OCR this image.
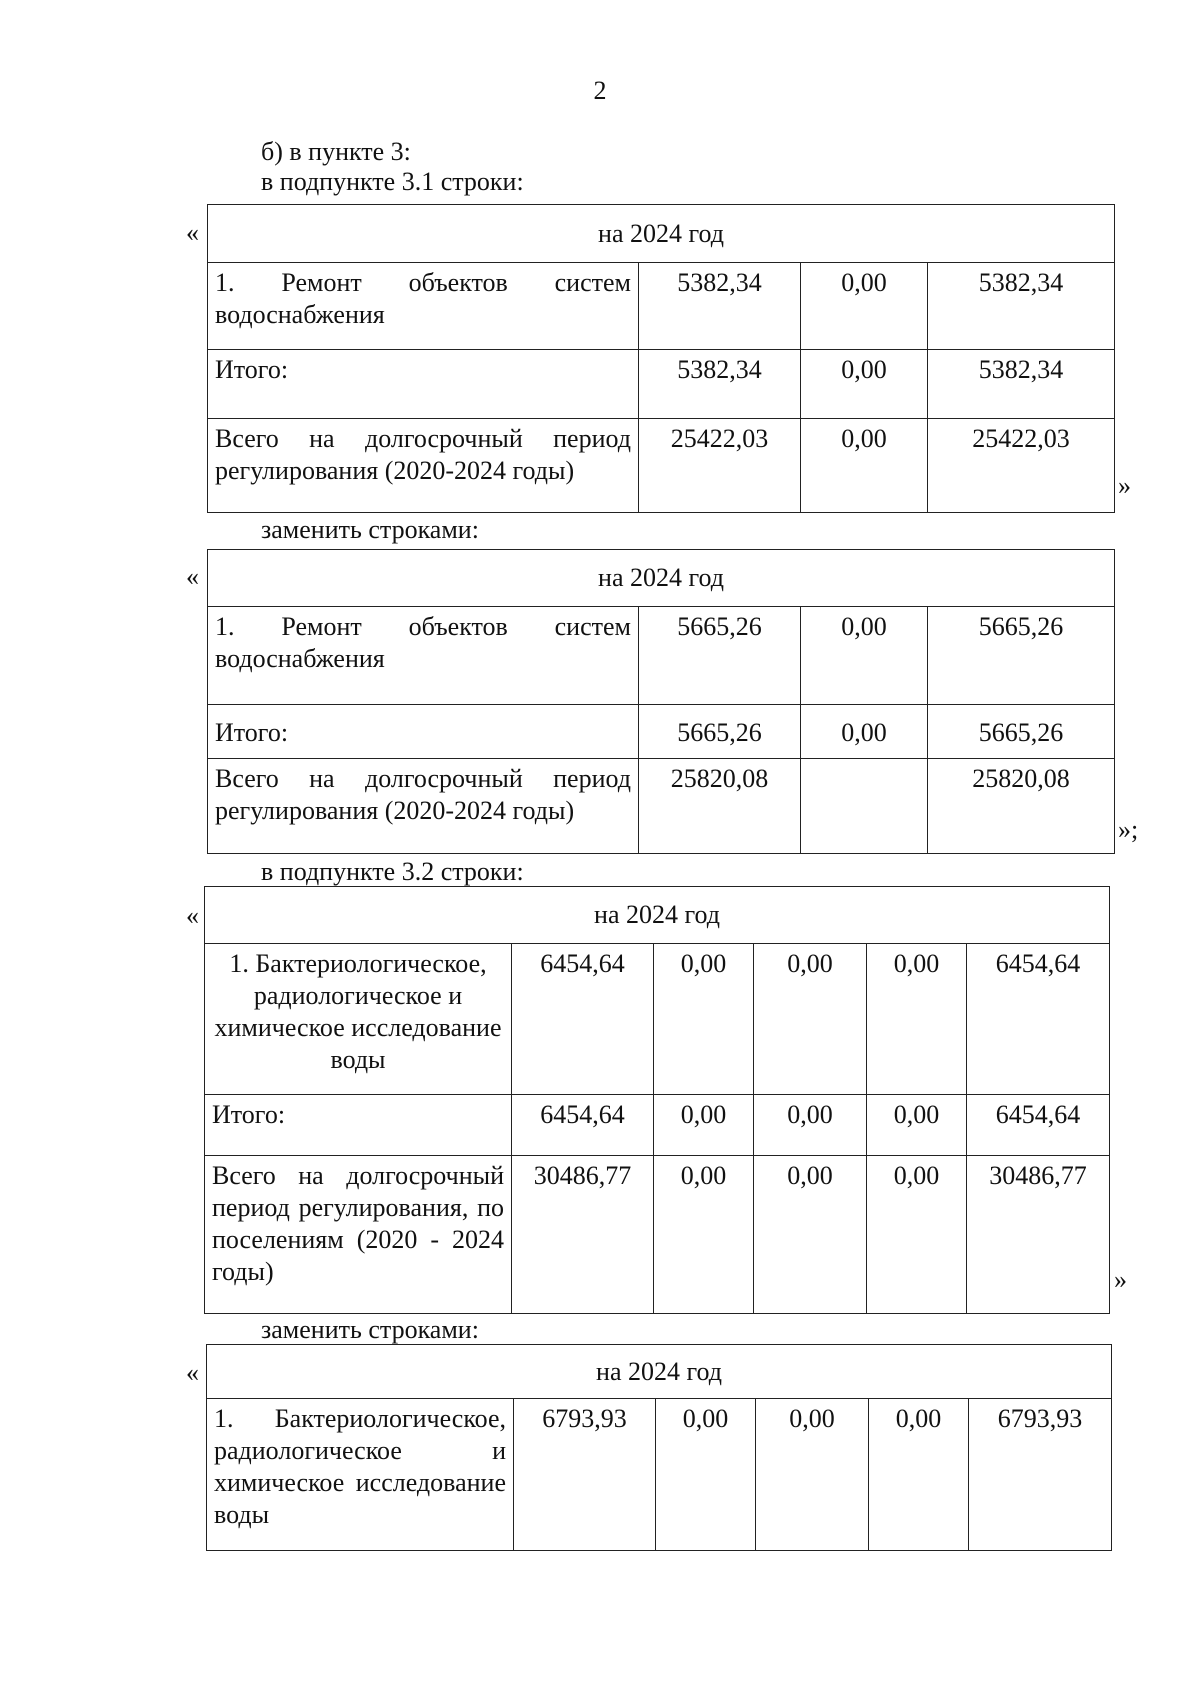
2
б) в пункте 3:
в подпункте 3.1 строки:
«	на 2024 год			
1. Ремонт объектов систем водоснабжения	5382,34	0,00	5382,34
Итого:	5382,34	0,00	5382,34
Всего на долгосрочный период регулирования (2020-2024 годы)	25422,03	0,00	25422,03
»
заменить строками:
«	на 2024 год			
1. Ремонт объектов систем водоснабжения	5665,26	0,00	5665,26
Итого:	5665,26	0,00	5665,26
Всего на долгосрочный период регулирования (2020-2024 годы)	25820,08		25820,08
»;
в подпункте 3.2 строки:
«	на 2024 год					
1. Бактериологическое, радиологическое и химическое исследование воды	6454,64	0,00	0,00	0,00	6454,64
Итого:	6454,64	0,00	0,00	0,00	6454,64
Всего на долгосрочный период регулирования, по поселениям (2020 - 2024 годы)	30486,77	0,00	0,00	0,00	30486,77
»
заменить строками:
«	на 2024 год
1. Бактериологическое, радиологическое и химическое исследование воды	6793,93	0,00	0,00	0,00	6793,93
